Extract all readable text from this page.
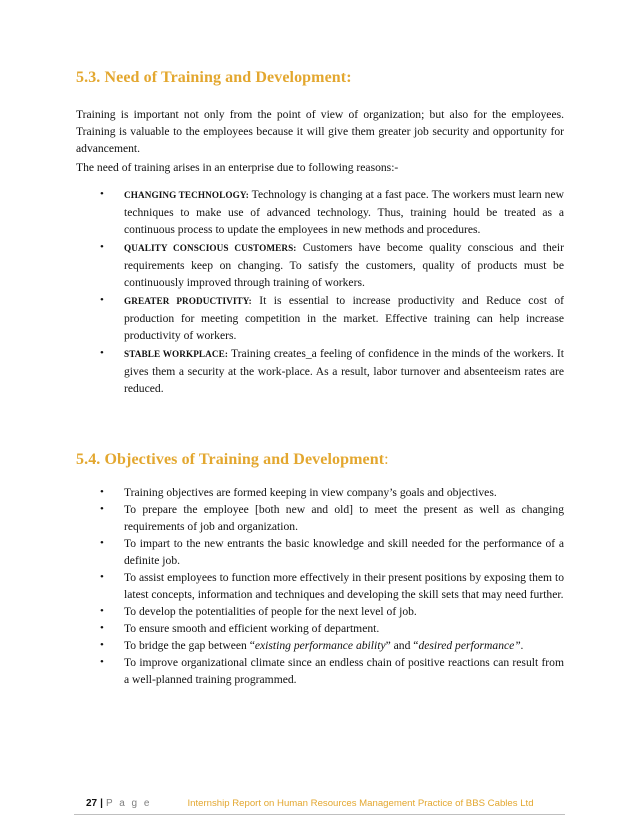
5.3. Need of Training and Development:

Training is important not only from the point of view of organization; but also for the employees. Training is valuable to the employees because it will give them greater job security and opportunity for advancement.

The need of training arises in an enterprise due to following reasons:-

• CHANGING TECHNOLOGY: Technology is changing at a fast pace. The workers must learn new techniques to make use of advanced technology. Thus, training hould be treated as a continuous process to update the employees in new methods and procedures.
• QUALITY CONSCIOUS CUSTOMERS: Customers have become quality conscious and their requirements keep on changing. To satisfy the customers, quality of products must be continuously improved through training of workers.
• GREATER PRODUCTIVITY: It is essential to increase productivity and Reduce cost of production for meeting competition in the market. Effective training can help increase productivity of workers.
• STABLE WORKPLACE: Training creates_a feeling of confidence in the minds of the workers. It gives them a security at the work-place. As a result, labor turnover and absenteeism rates are reduced.
5.4. Objectives of Training and Development:
• Training objectives are formed keeping in view company’s goals and objectives.
• To prepare the employee [both new and old] to meet the present as well as changing requirements of job and organization.
• To impart to the new entrants the basic knowledge and skill needed for the performance of a definite job.
• To assist employees to function more effectively in their present positions by exposing them to latest concepts, information and techniques and developing the skill sets that may need further.
• To develop the potentialities of people for the next level of job.
• To ensure smooth and efficient working of department.
• To bridge the gap between “existing performance ability” and “desired performance”.
• To improve organizational climate since an endless chain of positive reactions can result from a well-planned training programmed.
27 | P a g e	Internship Report on Human Resources Management Practice of BBS Cables Ltd
